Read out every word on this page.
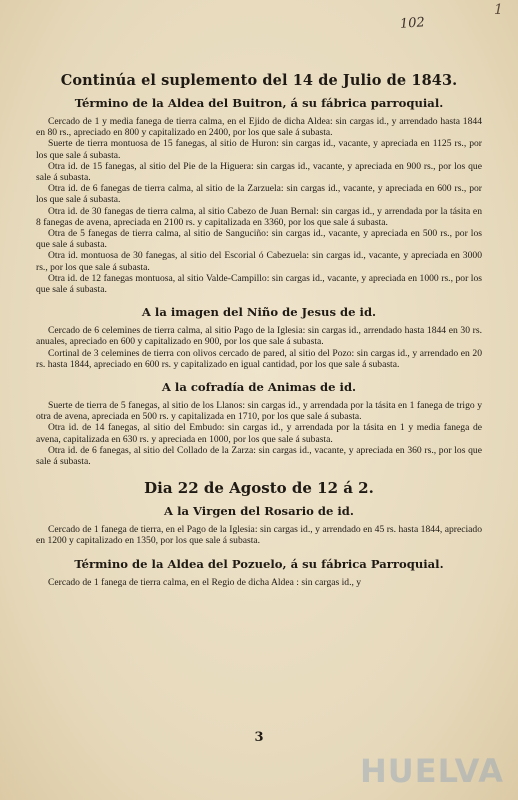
102
1
Continúa el suplemento del 14 de Julio de 1843.
Término de la Aldea del Buitron, á su fábrica parroquial.

Cercado de 1 y media fanega de tierra calma, en el Ejido de dicha Aldea: sin cargas id., y arrendado hasta 1844 en 80 rs., apreciado en 800 y capitalizado en 2400, por los que sale á subasta.

Suerte de tierra montuosa de 15 fanegas, al sitio de Huron: sin cargas id., vacante, y apreciada en 1125 rs., por los que sale á subasta.

Otra id. de 15 fanegas, al sitio del Pie de la Higuera: sin cargas id., vacante, y apreciada en 900 rs., por los que sale á subasta.

Otra id. de 6 fanegas de tierra calma, al sitio de la Zarzuela: sin cargas id., vacante, y apreciada en 600 rs., por los que sale á subasta.

Otra id. de 30 fanegas de tierra calma, al sitio Cabezo de Juan Bernal: sin cargas id., y arrendada por la tásita en 8 fanegas de avena, apreciada en 2100 rs. y capitalizada en 3360, por los que sale á subasta.

Otra de 5 fanegas de tierra calma, al sitio de Sanguciño: sin cargas id., vacante, y apreciada en 500 rs., por los que sale á subasta.

Otra id. montuosa de 30 fanegas, al sitio del Escorial ó Cabezuela: sin cargas id., vacante, y apreciada en 3000 rs., por los que sale á subasta.

Otra id. de 12 fanegas montuosa, al sitio Valde-Campillo: sin cargas id., vacante, y apreciada en 1000 rs., por los que sale á subasta.

A la imagen del Niño de Jesus de id.

Cercado de 6 celemines de tierra calma, al sitio Pago de la Iglesia: sin cargas id., arrendado hasta 1844 en 30 rs. anuales, apreciado en 600 y capitalizado en 900, por los que sale á subasta.

Cortinal de 3 celemines de tierra con olivos cercado de pared, al sitio del Pozo: sin cargas id., y arrendado en 20 rs. hasta 1844, apreciado en 600 rs. y capitalizado en igual cantidad, por los que sale á subasta.

A la cofradía de Animas de id.

Suerte de tierra de 5 fanegas, al sitio de los Llanos: sin cargas id., y arrendada por la tásita en 1 fanega de trigo y otra de avena, apreciada en 500 rs. y capitalizada en 1710, por los que sale á subasta.

Otra id. de 14 fanegas, al sitio del Embudo: sin cargas id., y arrendada por la tásita en 1 y media fanega de avena, capitalizada en 630 rs. y apreciada en 1000, por los que sale á subasta.

Otra id. de 6 fanegas, al sitio del Collado de la Zarza: sin cargas id., vacante, y apreciada en 360 rs., por los que sale á subasta.

Dia 22 de Agosto de 12 á 2.
A la Virgen del Rosario de id.

Cercado de 1 fanega de tierra, en el Pago de la Iglesia: sin cargas id., y arrendado en 45 rs. hasta 1844, apreciado en 1200 y capitalizado en 1350, por los que sale á subasta.

Término de la Aldea del Pozuelo, á su fábrica Parroquial.

Cercado de 1 fanega de tierra calma, en el Regio de dicha Aldea : sin cargas id., y

3
HUELVA
